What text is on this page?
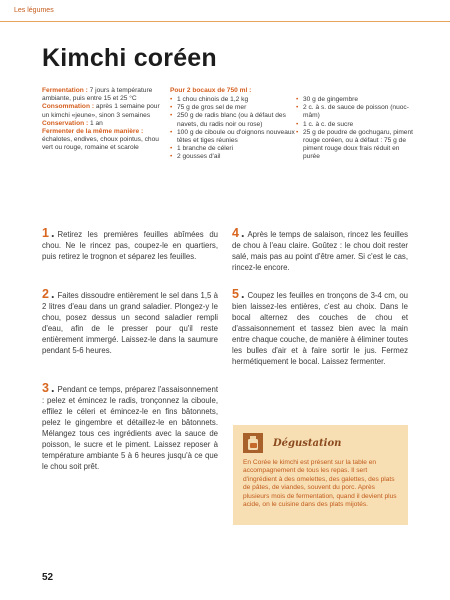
Les légumes
Kimchi coréen

Fermentation : 7 jours à température ambiante, puis entre 15 et 25 °C

Consommation : après 1 semaine pour un kimchi «jeune», sinon 3 semaines

Conservation : 1 an

Fermenter de la même manière : échalotes, endives, choux pointus, chou vert ou rouge, romaine et scarole

Pour 2 bocaux de 750 ml :
• 1 chou chinois de 1,2 kg
• 75 g de gros sel de mer
• 250 g de radis blanc (ou à défaut des navets, du radis noir ou rose)
• 100 g de ciboule ou d'oignons nouveaux têtes et tiges réunies
• 1 branche de céleri
• 2 gousses d'ail
• 30 g de gingembre
• 2 c. à s. de sauce de poisson (nuoc-mâm)
• 1 c. à c. de sucre
• 25 g de poudre de gochugaru, piment rouge coréen, ou à défaut : 75 g de piment rouge doux frais réduit en purée
1 . Retirez les premières feuilles abîmées du chou. Ne le rincez pas, coupez-le en quartiers, puis retirez le trognon et séparez les feuilles.
2 . Faites dissoudre entièrement le sel dans 1,5 à 2 litres d'eau dans un grand saladier. Plongez-y le chou, posez dessus un second saladier rempli d'eau, afin de le presser pour qu'il reste entièrement immergé. Laissez-le dans la saumure pendant 5-6 heures.
3 . Pendant ce temps, préparez l'assaisonnement : pelez et émincez le radis, tronçonnez la ciboule, effilez le céleri et émincez-le en fins bâtonnets, pelez le gingembre et détaillez-le en bâtonnets. Mélangez tous ces ingrédients avec la sauce de poisson, le sucre et le piment. Laissez reposer à température ambiante 5 à 6 heures jusqu'à ce que le chou soit prêt.
4 . Après le temps de salaison, rincez les feuilles de chou à l'eau claire. Goûtez : le chou doit rester salé, mais pas au point d'être amer. Si c'est le cas, rincez-le encore.
5 . Coupez les feuilles en tronçons de 3-4 cm, ou bien laissez-les entières, c'est au choix. Dans le bocal alternez des couches de chou et d'assaisonnement et tassez bien avec la main entre chaque couche, de manière à éliminer toutes les bulles d'air et à faire sortir le jus. Fermez hermétiquement le bocal. Laissez fermenter.
Dégustation
En Corée le kimchi est présent sur la table en accompagnement de tous les repas. Il sert d'ingrédient à des omelettes, des galettes, des plats de pâtes, de viandes, souvent du porc. Après plusieurs mois de fermentation, quand il devient plus acide, on le cuisine dans des plats mijotés.
52
